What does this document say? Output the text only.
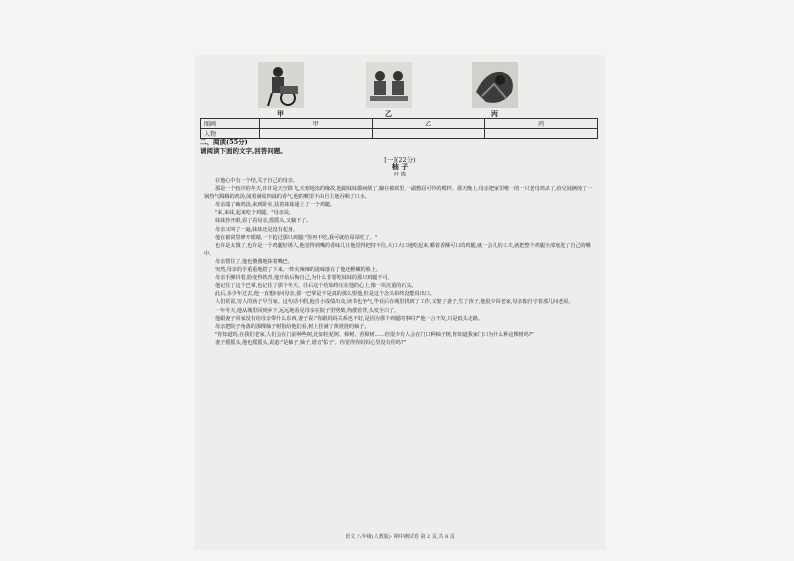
甲	乙	丙
图画	甲	乙	丙
人物			
二、阅读(55分)
请阅读下面的文字,回答问题。
[一](22分)
柚 子
叶 锦

在他心中有一个结,关于自己的母亲。

那是一个较冷的冬天,许许是天空降飞,天寒地冻的缘故,他跟妹妹都病倒了,躺在被窝里,一副憋屈可怜的模样。那天晚上,母亲把家里唯一的一只老母鸡杀了,给兄妹俩炖了一锅热气腾腾的鸡汤,闻着满屋四溢的香气,他的喉里不由自主地吞咽了口水。

母亲端了碗鸡汤,来到卧室,扶着妹妹递上了一个鸡腿。

"来,来妹,起来吃个鸡腿。"母亲说。

妹妹抄开眼,看了看母亲,摇摇头,又躺下了。

母亲又叫了一遍,妹妹还是没有起身。

他在被窝里睁开眼睛,一下抢过那只鸡腿:"你再不吃,我可就给哥哥吃了。"

也许是太饿了,也许是一个鸡腿好诱人,他觉得到嘴的香味儿让他觉得把持不住,大口大口地吃起来,嚼着香酥可口的鸡腿,就一会儿的工夫,就把整个鸡腿全部塞进了自己的嘴中。

母亲愣住了,他也傻傻地抹着嘴巴。

突然,母亲的手重重地搭了下来,一阵火辣辣的滋味落在了他还稚嫩的脸上。

母亲手颤抖着,脸变得铁青,他开始后悔自己,为什么非要吃妹妹的那只鸡腿不可。

他记住了这个巴掌,也记住了那个冬天。往后这个结始终压在他的心上,像一块沉重的石头。

此后,多少年过去,他一直想问问母亲,那一巴掌是不是真的那么恨他,但是这个念头始终没能说出口。

人们常说,穷人的孩子早当家。这句话不假,他自小成绩出众,读书也争气,毕业后在城里找到了工作,又娶了妻子,生了孩子,他很少回老家,母亲独自守着那几间老屋。

一年冬天,他从城里回到乡下,远远地看见母亲在院子里劈柴,佝偻着背,头发全白了。

他跟妻子回家没有给母亲带什么东西,妻子说:"你跟妈妈关系也不好,是因为那个鸡腿的事吗?"他一言不发,只是低头走路。

母亲把院子角落的那棵柚子树指给他们看,树上挂满了黄澄澄的柚子。

"你知道吗,在我们老家,人们会在门前种些树,比如桂花树、樟树、香樟树……但很少有人会在门口种柚子树,你知道我家门口为什么种这棵树吗?"

妻子摇摇头,他也摇摇头,说道:"是柚子,柚子,谐音'佑子'。你觉得你妈妈心里没有你吗?"

语文 八年级(人教版)· 期中测试卷 第 2 页,共 8 页
